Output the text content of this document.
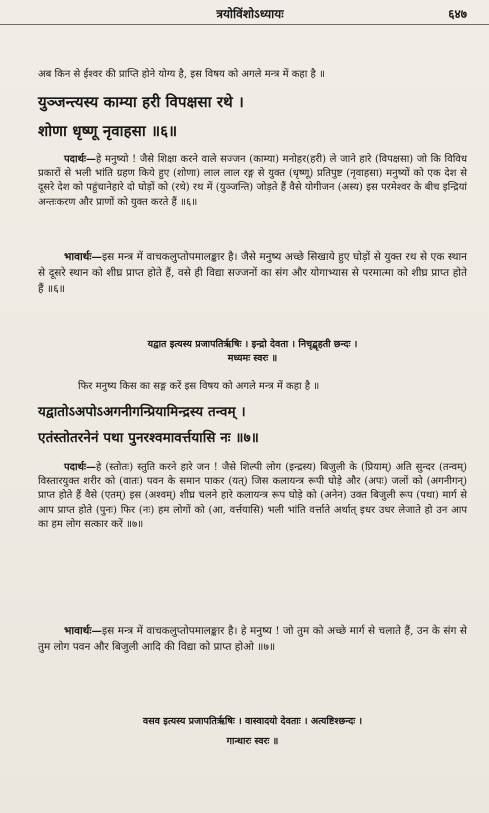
त्रयोविंशोऽध्यायः	६४७
अब किन से ईश्वर की प्राप्ति होने योग्य है, इस विषय को अगले मन्त्र में कहा है ॥
युञ्जन्त्यस्य काम्या हरी विपक्षसा रथे ।
शोणा धृष्णू नृवाहसा ॥६॥
पदार्थः—हे मनुष्यो ! जैसे शिक्षा करने वाले सज्जन (काम्या) मनोहर(हरी) ले जाने हारे (विपक्षसा) जो कि विविध प्रकारों से भली भांति ग्रहण किये हुए (शोणा) लाल लाल रङ्ग से युक्त (धृष्णू) प्रतिपुष्ट (नृवाहसा) मनुष्यों को एक देश से दूसरे देश को पहुंचानेहारे दो घोड़ों को (रथे) रथ में (युञ्जन्ति) जोड़ते हैं वैसे योगीजन (अस्य) इस परमेश्वर के बीच इन्द्रियां अन्तःकरण और प्राणों को युक्त करते हैं ॥६॥
भावार्थः—इस मन्त्र में वाचकलुप्तोपमालङ्कार है। जैसे मनुष्य अच्छे सिखाये हुए घोड़ों से युक्त रथ से एक स्थान से दूसरे स्थान को शीघ्र प्राप्त होते हैं, वसे ही विद्या सज्जनों का संग और योगाभ्यास से परमात्मा को शीघ्र प्राप्त होते हैं ॥६॥
यद्वात इत्यस्य प्रजापतिर्ऋषिः । इन्द्रो देवता । निचृद्बृहती छन्दः ।
मध्यमः स्वरः ॥
फिर मनुष्य किस का सङ्ग करें इस विषय को अगले मन्त्र में कहा है ॥
यद्वातोऽअपोऽअगनीगन्प्रियामिन्द्रस्य तन्वम् ।
एतंस्तोतरनेनं पथा पुनरश्वमावर्त्तयासि नः ॥७॥
पदार्थः—हे (स्तोतः) स्तुति करने हारे जन ! जैसे शिल्पी लोग (इन्द्रस्य) बिजुली के (प्रियाम्) अति सुन्दर (तन्वम्) विस्तारयुक्त शरीर को (वातः) पवन के समान पाकर (यत्) जिस कलायन्त्र रूपी घोड़े और (अपः) जलों को (अगनीगन्) प्राप्त होते हैं वैसे (एतम्) इस (अश्वम्) शीघ्र चलने हारे कलायन्त्र रूप घोड़े को (अनेन) उक्त बिजुली रूप (पथा) मार्ग से आप प्राप्त होते (पुनः) फिर (नः) हम लोगों को (आ, वर्त्तयासि) भली भांति वर्त्ताते अर्थात् इधर उधर लेजाते हो उन आप का हम लोग सत्कार करें ॥७॥
भावार्थः—इस मन्त्र में वाचकलुप्तोपमालङ्कार है। हे मनुष्य ! जो तुम को अच्छे मार्ग से चलाते हैं, उन के संग से तुम लोग पवन और बिजुली आदि की विद्या को प्राप्त होओ ॥७॥
वसव इत्यस्य प्रजापतिर्ऋषिः । वास्वादयो देवताः । अत्यष्टिश्छन्दः ।
गान्धारः स्वरः ॥
